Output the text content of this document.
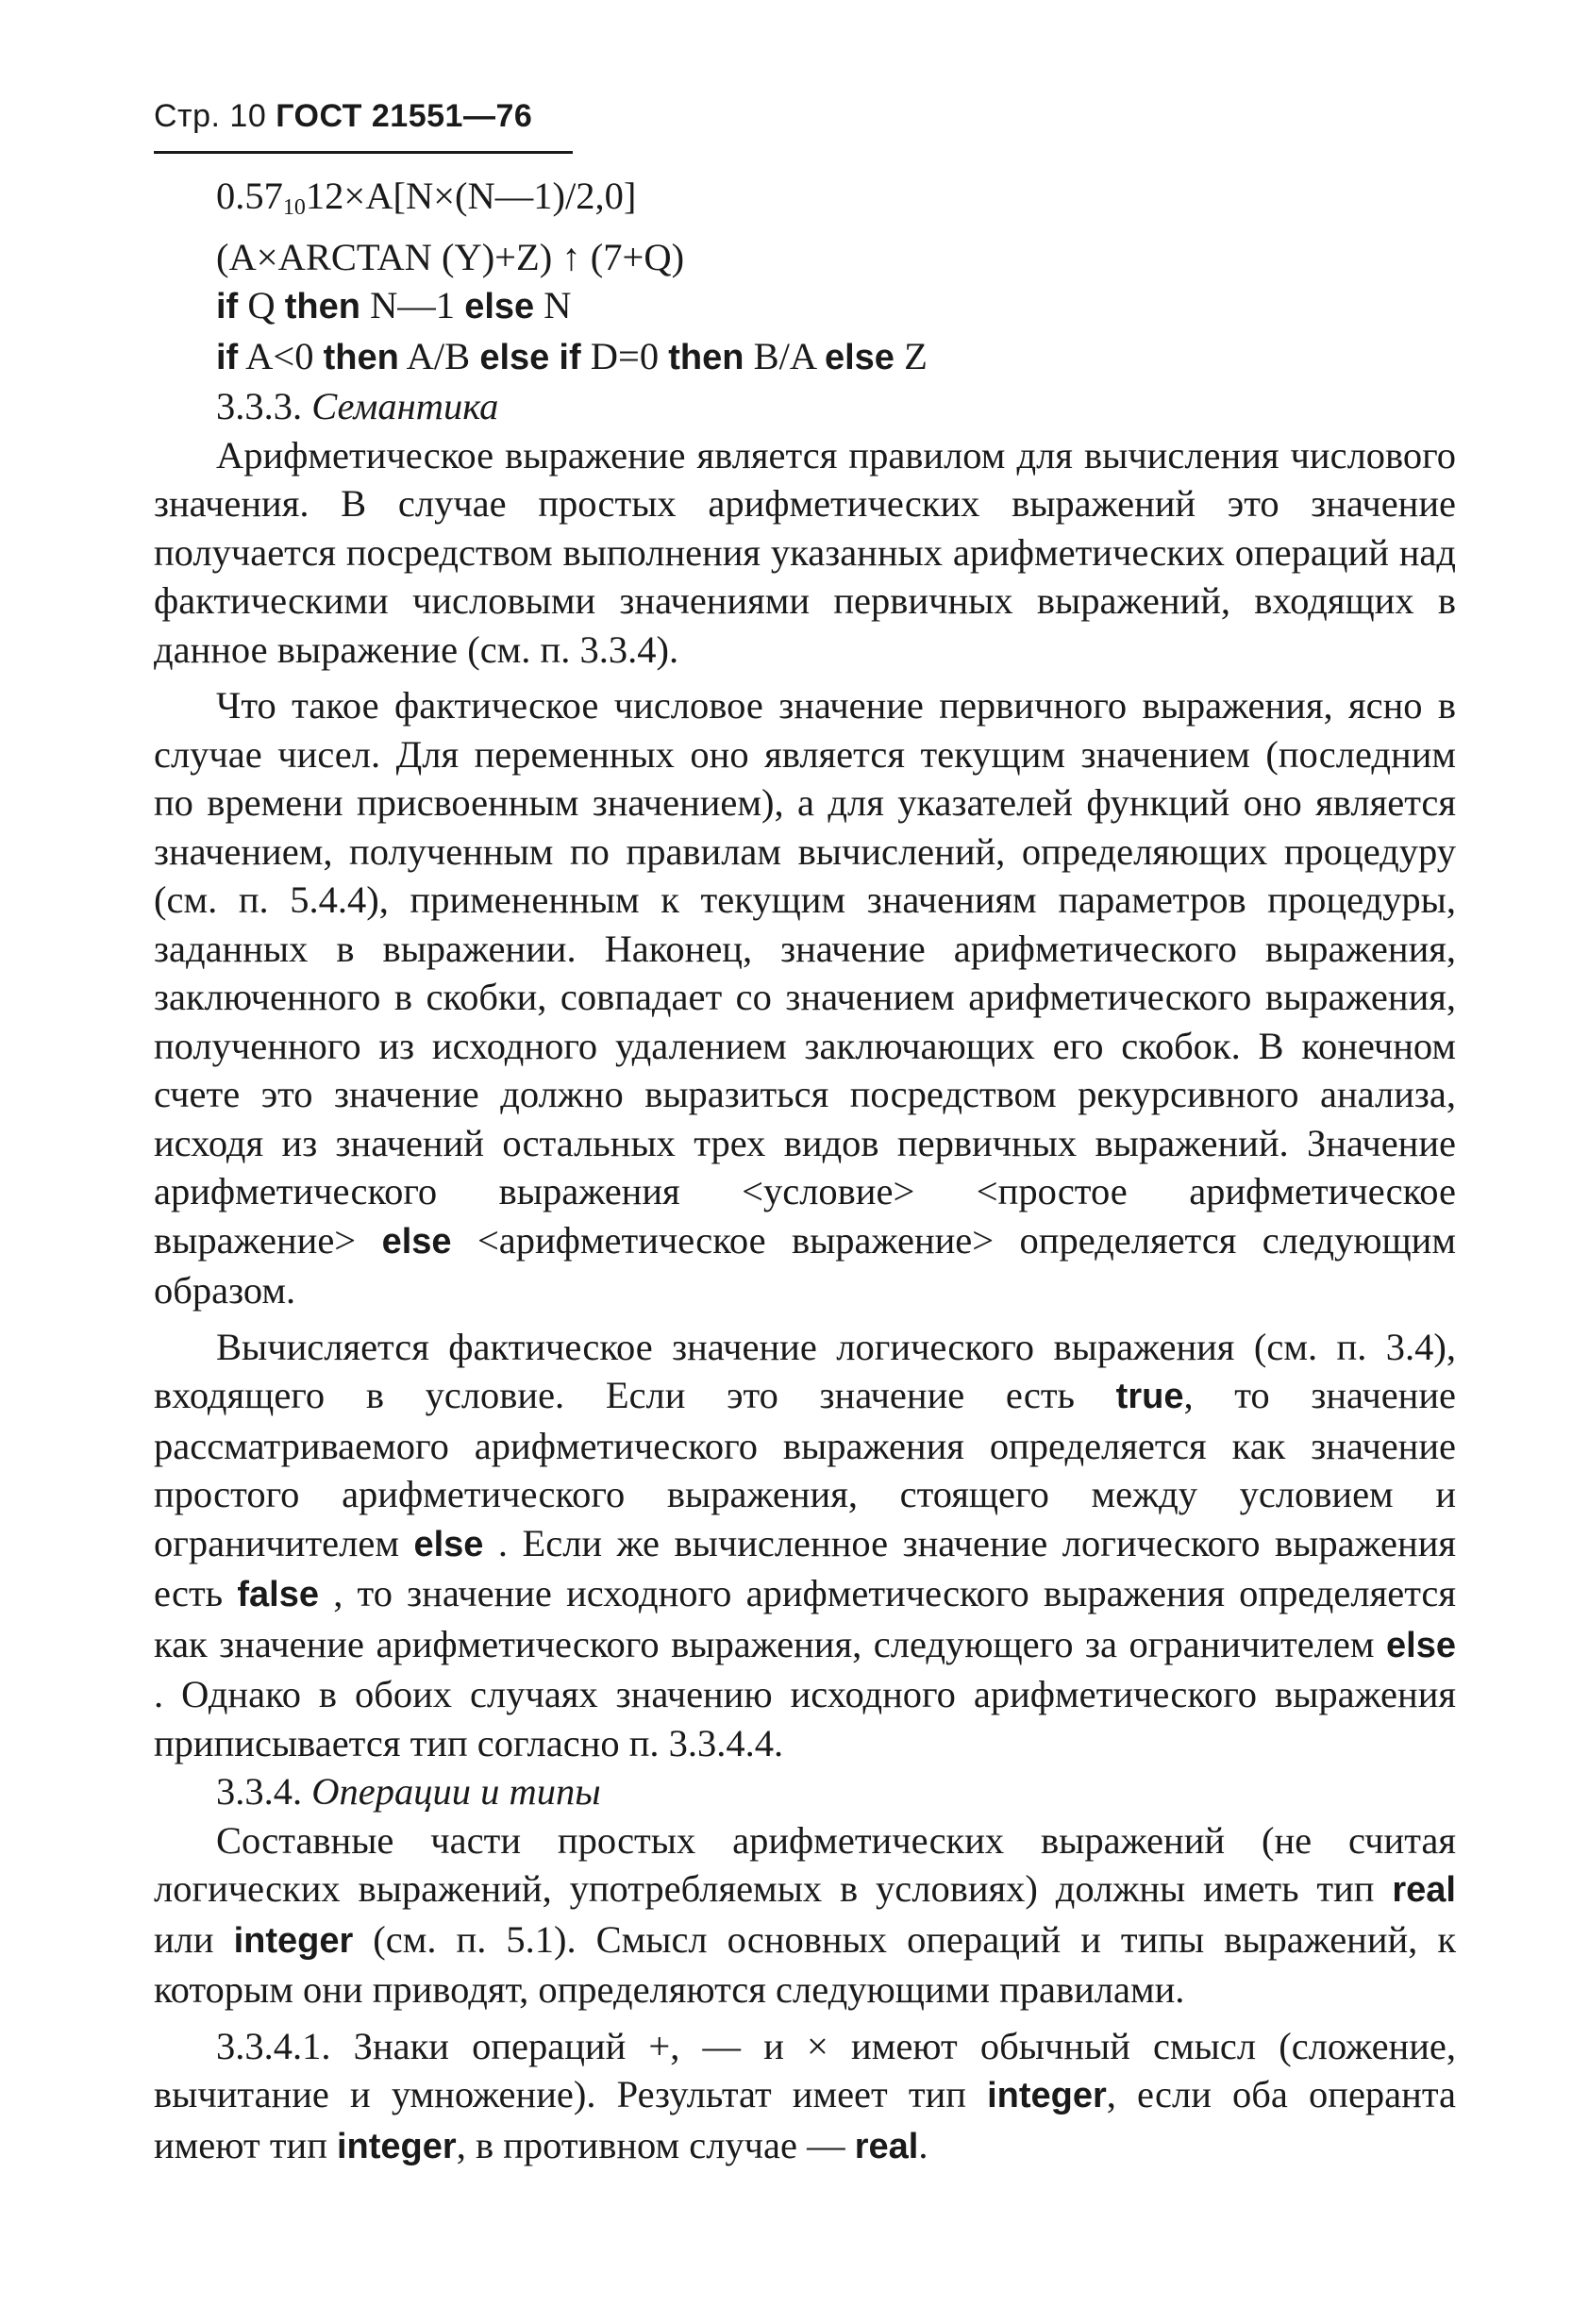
Стр. 10 ГОСТ 21551—76
$0.57_{10}12\times A[N\times(N—1)/2,0]$
(A×ARCTAN (Y)+Z) ↑ (7+Q)
if Q then N—1 else N
if A<0 then A/B else if D=0 then B/A else Z
3.3.3. Семантика

Арифметическое выражение является правилом для вычисления числового значения. В случае простых арифметических выражений это значение получается посредством выполнения указанных арифметических операций над фактическими числовыми значениями первичных выражений, входящих в данное выражение (см. п. 3.3.4).

Что такое фактическое числовое значение первичного выражения, ясно в случае чисел. Для переменных оно является текущим значением (последним по времени присвоенным значением), а для указателей функций оно является значением, полученным по правилам вычислений, определяющих процедуру (см. п. 5.4.4), примененным к текущим значениям параметров процедуры, заданных в выражении. Наконец, значение арифметического выражения, заключенного в скобки, совпадает со значением арифметического выражения, полученного из исходного удалением заключающих его скобок. В конечном счете это значение должно выразиться посредством рекурсивного анализа, исходя из значений остальных трех видов первичных выражений. Значение арифметического выражения <условие> <простое арифметическое выражение> else <арифметическое выражение> определяется следующим образом.

Вычисляется фактическое значение логического выражения (см. п. 3.4), входящего в условие. Если это значение есть true, то значение рассматриваемого арифметического выражения определяется как значение простого арифметического выражения, стоящего между условием и ограничителем else . Если же вычисленное значение логического выражения есть false , то значение исходного арифметического выражения определяется как значение арифметического выражения, следующего за ограничителем else . Однако в обоих случаях значению исходного арифметического выражения приписывается тип согласно п. 3.3.4.4.

3.3.4. Операции и типы

Составные части простых арифметических выражений (не считая логических выражений, употребляемых в условиях) должны иметь тип real или integer (см. п. 5.1). Смысл основных операций и типы выражений, к которым они приводят, определяются следующими правилами.

3.3.4.1. Знаки операций +, — и × имеют обычный смысл (сложение, вычитание и умножение). Результат имеет тип integer, если оба операнта имеют тип integer, в противном случае — real.
